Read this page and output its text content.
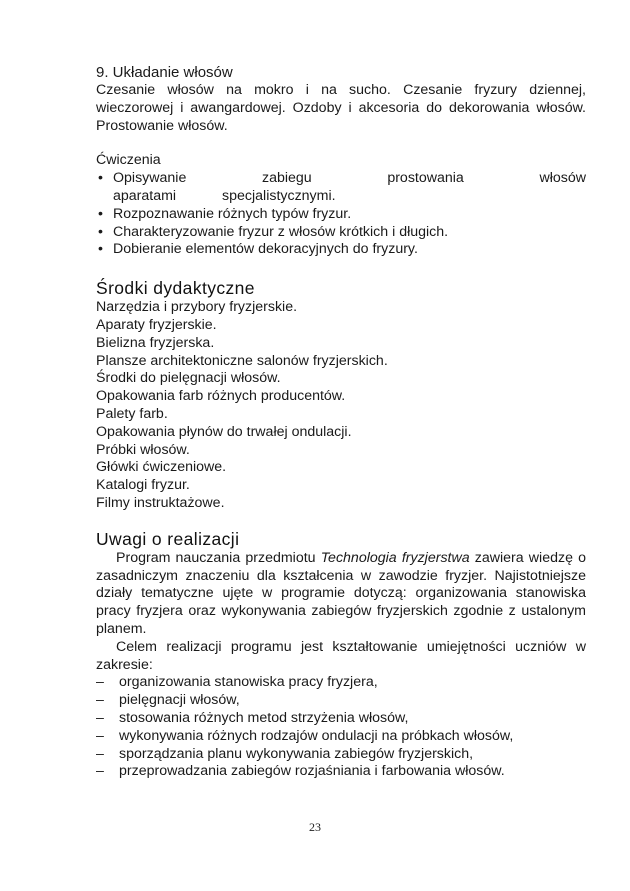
9. Układanie włosów

Czesanie włosów na mokro i na sucho. Czesanie fryzury dziennej, wieczorowej i awangardowej. Ozdoby i akcesoria do dekorowania włosów. Prostowanie włosów.

Ćwiczenia
• Opisywanie zabiegu prostowania włosów aparatami specjalistycznymi.
• Rozpoznawanie różnych typów fryzur.
• Charakteryzowanie fryzur z włosów krótkich i długich.
• Dobieranie elementów dekoracyjnych do fryzury.
Środki dydaktyczne
Narzędzia i przybory fryzjerskie.
Aparaty fryzjerskie.
Bielizna fryzjerska.
Plansze architektoniczne salonów fryzjerskich.
Środki do pielęgnacji włosów.
Opakowania farb różnych producentów.
Palety farb.
Opakowania płynów do trwałej ondulacji.
Próbki włosów.
Główki ćwiczeniowe.
Katalogi fryzur.
Filmy instruktażowe.
Uwagi o realizacji

Program nauczania przedmiotu Technologia fryzjerstwa zawiera wiedzę o zasadniczym znaczeniu dla kształcenia w zawodzie fryzjer. Najistotniejsze działy tematyczne ujęte w programie dotyczą: organizowania stanowiska pracy fryzjera oraz wykonywania zabiegów fryzjerskich zgodnie z ustalonym planem.

Celem realizacji programu jest kształtowanie umiejętności uczniów w zakresie:

– organizowania stanowiska pracy fryzjera,
– pielęgnacji włosów,
– stosowania różnych metod strzyżenia włosów,
– wykonywania różnych rodzajów ondulacji na próbkach włosów,
– sporządzania planu wykonywania zabiegów fryzjerskich,
– przeprowadzania zabiegów rozjaśniania i farbowania włosów.
23
